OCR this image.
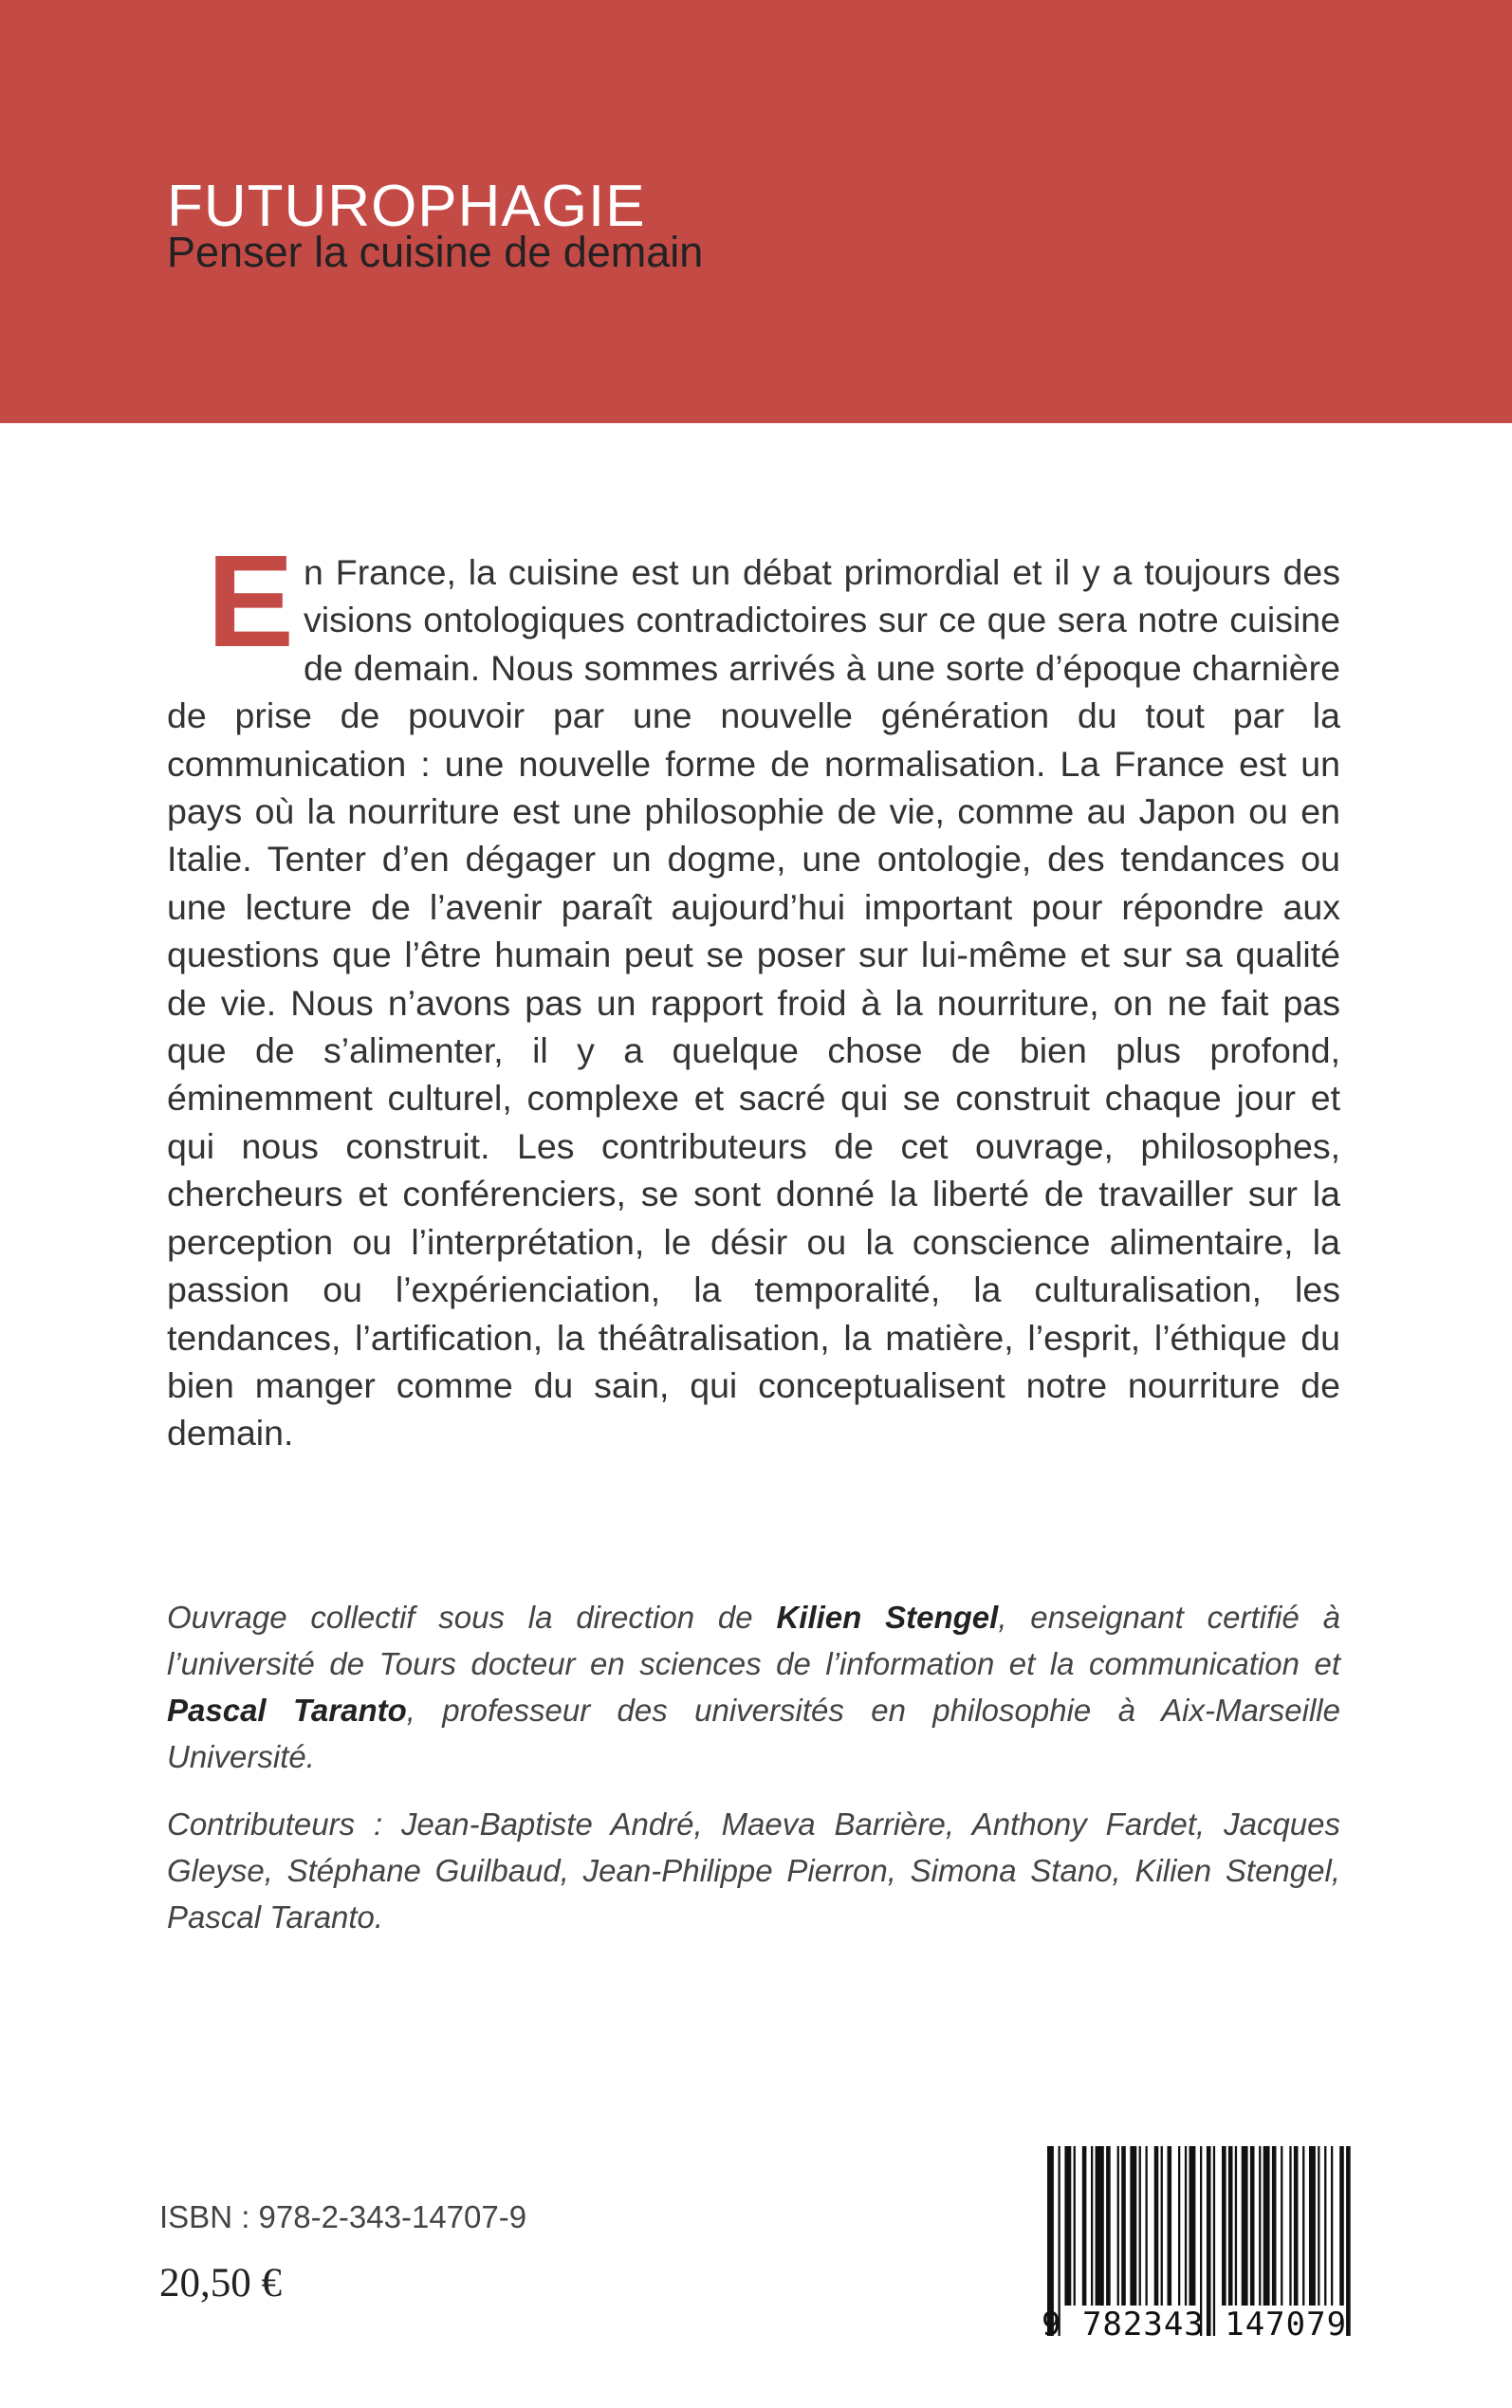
FUTUROPHAGIE
Penser la cuisine de demain
En France, la cuisine est un débat primordial et il y a toujours des visions ontologiques contradictoires sur ce que sera notre cuisine de demain. Nous sommes arrivés à une sorte d’époque charnière de prise de pouvoir par une nouvelle génération du tout par la communication : une nouvelle forme de normalisation. La France est un pays où la nourriture est une philosophie de vie, comme au Japon ou en Italie. Tenter d’en dégager un dogme, une ontologie, des tendances ou une lecture de l’avenir paraît aujourd’hui important pour répondre aux questions que l’être humain peut se poser sur lui-même et sur sa qualité de vie. Nous n’avons pas un rapport froid à la nourriture, on ne fait pas que de s’alimenter, il y a quelque chose de bien plus profond, éminemment culturel, complexe et sacré qui se construit chaque jour et qui nous construit. Les contributeurs de cet ouvrage, philosophes, chercheurs et conférenciers, se sont donné la liberté de travailler sur la perception ou l’interprétation, le désir ou la conscience alimentaire, la passion ou l’expérienciation, la temporalité, la culturalisation, les tendances, l’artification, la théâtralisation, la matière, l’esprit, l’éthique du bien manger comme du sain, qui conceptualisent notre nourriture de demain.

Ouvrage collectif sous la direction de Kilien Stengel, enseignant certifié à l’université de Tours docteur en sciences de l’information et la communication et Pascal Taranto, professeur des universités en philosophie à Aix-Marseille Université.

Contributeurs : Jean-Baptiste André, Maeva Barrière, Anthony Fardet, Jacques Gleyse, Stéphane Guilbaud, Jean-Philippe Pierron, Simona Stano, Kilien Stengel, Pascal Taranto.

ISBN : 978-2-343-14707-9
20,50 €
9 782343 147079
